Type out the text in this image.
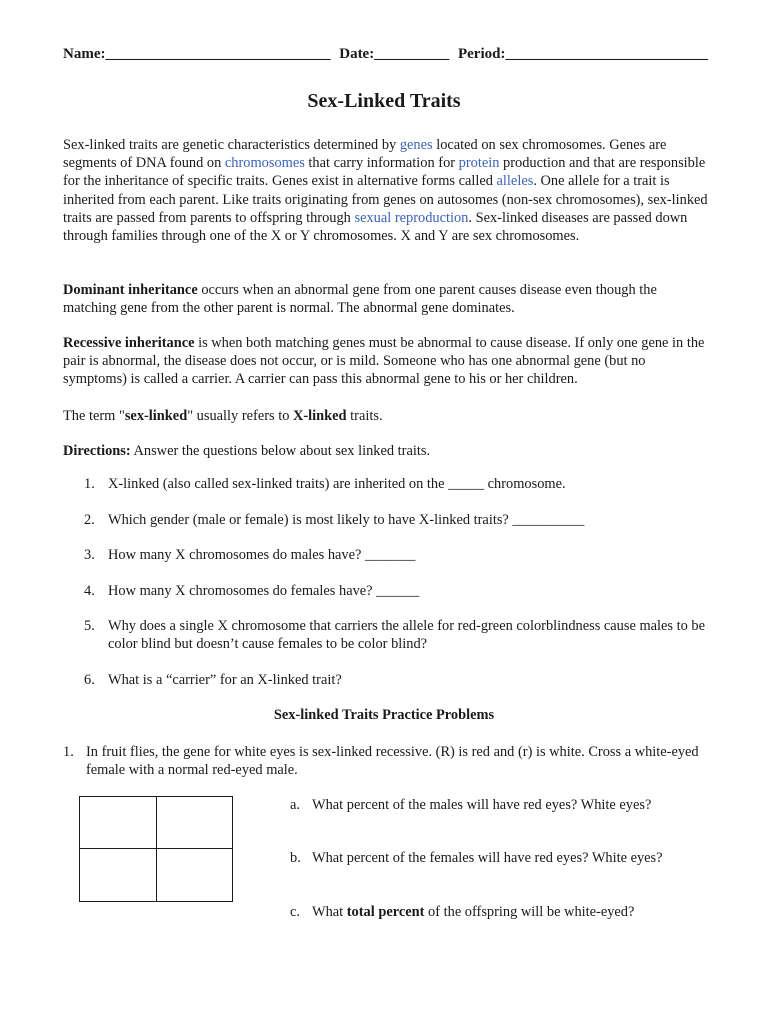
Name:______________________________ Date:__________ Period:___________________________
Sex-Linked Traits
Sex-linked traits are genetic characteristics determined by genes located on sex chromosomes. Genes are segments of DNA found on chromosomes that carry information for protein production and that are responsible for the inheritance of specific traits. Genes exist in alternative forms called alleles. One allele for a trait is inherited from each parent. Like traits originating from genes on autosomes (non-sex chromosomes), sex-linked traits are passed from parents to offspring through sexual reproduction. Sex-linked diseases are passed down through families through one of the X or Y chromosomes. X and Y are sex chromosomes.
Dominant inheritance occurs when an abnormal gene from one parent causes disease even though the matching gene from the other parent is normal. The abnormal gene dominates.
Recessive inheritance is when both matching genes must be abnormal to cause disease. If only one gene in the pair is abnormal, the disease does not occur, or is mild. Someone who has one abnormal gene (but no symptoms) is called a carrier. A carrier can pass this abnormal gene to his or her children.
The term "sex-linked" usually refers to X-linked traits.
Directions: Answer the questions below about sex linked traits.
1. X-linked (also called sex-linked traits) are inherited on the _____ chromosome.
2. Which gender (male or female) is most likely to have X-linked traits? __________
3. How many X chromosomes do males have? _______
4. How many X chromosomes do females have? ______
5. Why does a single X chromosome that carriers the allele for red-green colorblindness cause males to be color blind but doesn’t cause females to be color blind?
6. What is a “carrier” for an X-linked trait?
Sex-linked Traits Practice Problems
1. In fruit flies, the gene for white eyes is sex-linked recessive. (R) is red and (r) is white. Cross a white-eyed female with a normal red-eyed male.
a. What percent of the males will have red eyes? White eyes?
b. What percent of the females will have red eyes? White eyes?
c. What total percent of the offspring will be white-eyed?
